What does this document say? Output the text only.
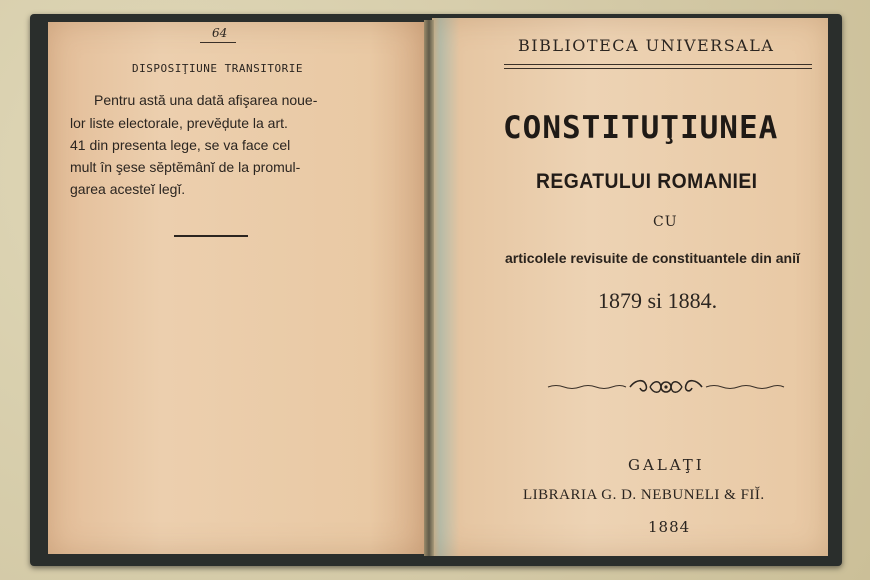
64
DISPOSIŢIUNE TRANSITORIE
Pentru astă una dată afişarea noue-
lor liste electorale, prevĕḑute la art.
41 din presenta lege, se va face cel
mult în şese sĕptĕmânĭ de la promul-
garea acesteĭ legĭ.
BIBLIOTECA UNIVERSALA
CONSTITUŢIUNEA
REGATULUI ROMANIEI
CU
articolele revisuite de constituantele din aniĭ
1879 si 1884.
GALAŢI
LIBRARIA G. D. NEBUNELI & FIĬ.
1884
